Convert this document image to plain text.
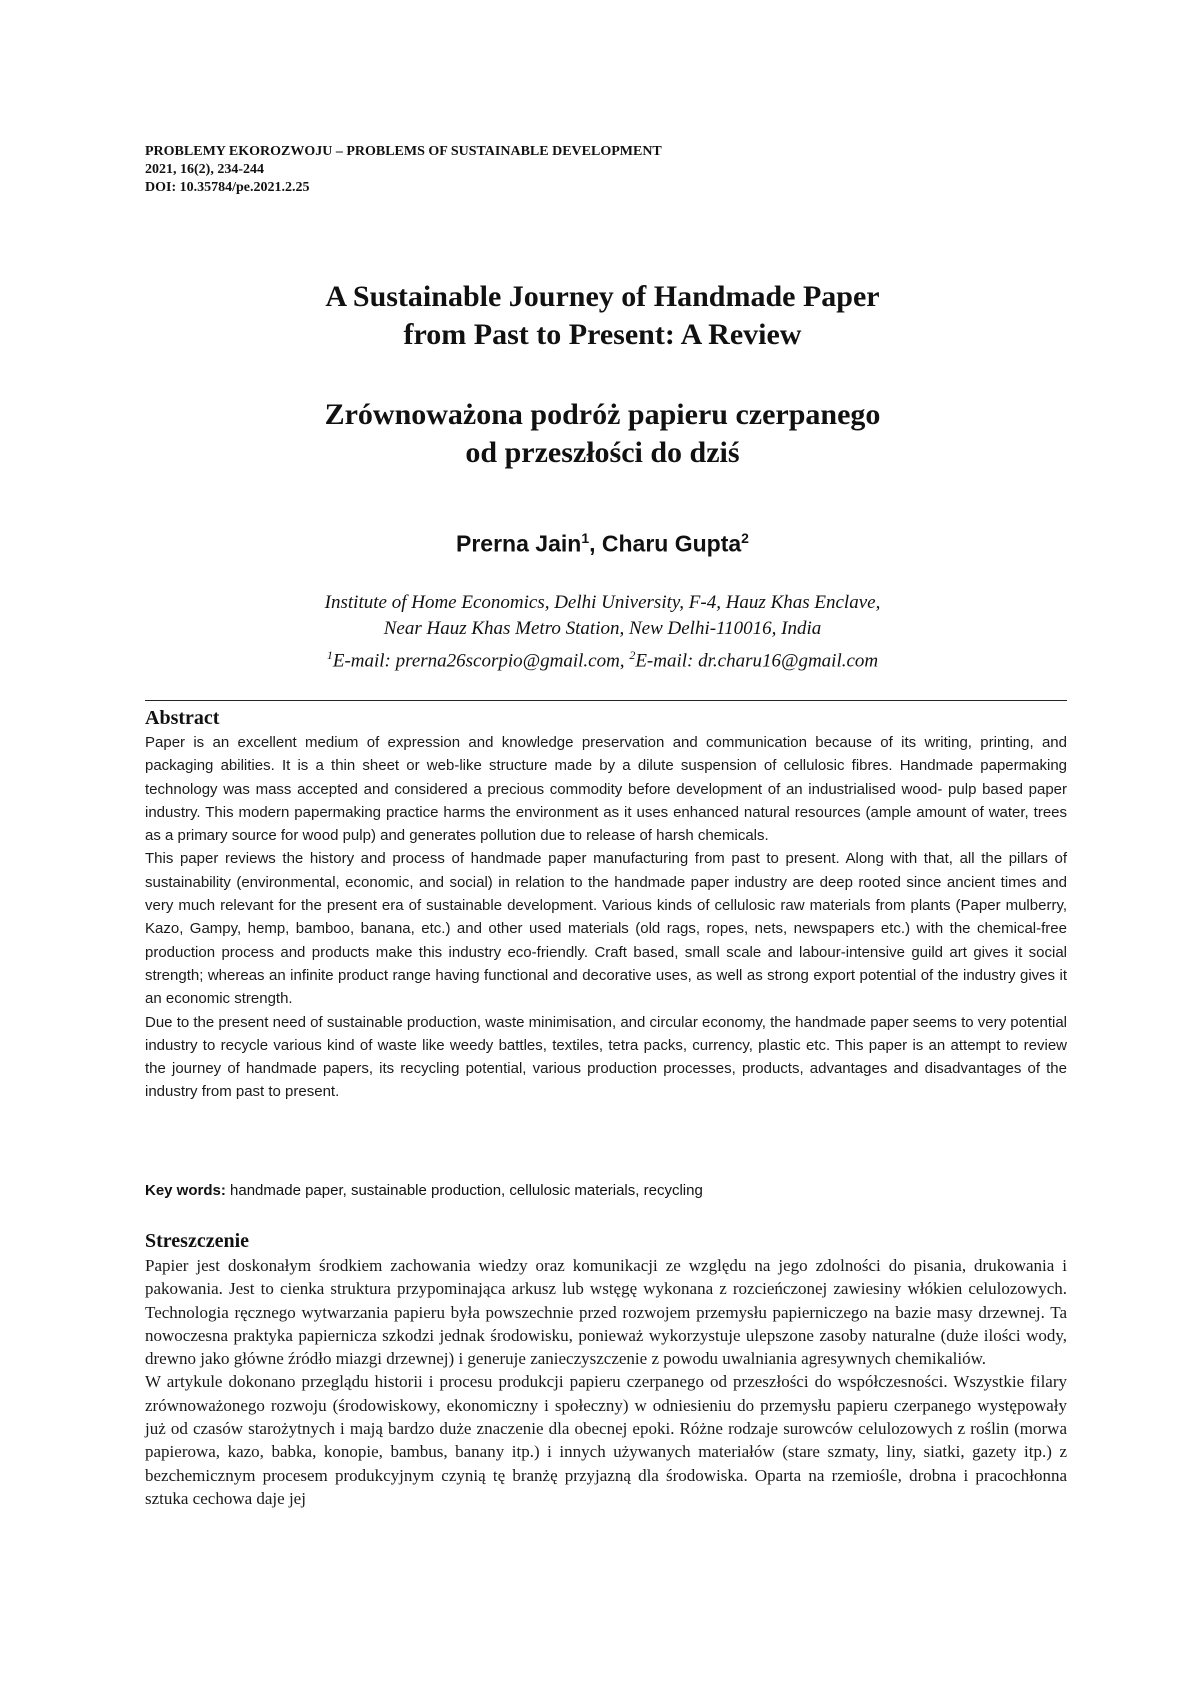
PROBLEMY EKOROZWOJU – PROBLEMS OF SUSTAINABLE DEVELOPMENT
2021, 16(2), 234-244
DOI: 10.35784/pe.2021.2.25
A Sustainable Journey of Handmade Paper
from Past to Present: A Review
Zrównoważona podróż papieru czerpanego
od przeszłości do dziś
Prerna Jain$^1$, Charu Gupta$^2$
Institute of Home Economics, Delhi University, F-4, Hauz Khas Enclave,
Near Hauz Khas Metro Station, New Delhi-110016, India
$^1$E-mail: prerna26scorpio@gmail.com, $^2$E-mail: dr.charu16@gmail.com
Abstract

Paper is an excellent medium of expression and knowledge preservation and communication because of its writing, printing, and packaging abilities. It is a thin sheet or web-like structure made by a dilute suspension of cellulosic fibres. Handmade papermaking technology was mass accepted and considered a precious commodity before development of an industrialised wood- pulp based paper industry. This modern papermaking practice harms the environment as it uses enhanced natural resources (ample amount of water, trees as a primary source for wood pulp) and generates pollution due to release of harsh chemicals.

This paper reviews the history and process of handmade paper manufacturing from past to present. Along with that, all the pillars of sustainability (environmental, economic, and social) in relation to the handmade paper industry are deep rooted since ancient times and very much relevant for the present era of sustainable development. Various kinds of cellulosic raw materials from plants (Paper mulberry, Kazo, Gampy, hemp, bamboo, banana, etc.) and other used materials (old rags, ropes, nets, newspapers etc.) with the chemical-free production process and products make this industry eco-friendly. Craft based, small scale and labour-intensive guild art gives it social strength; whereas an infinite product range having functional and decorative uses, as well as strong export potential of the industry gives it an economic strength.

Due to the present need of sustainable production, waste minimisation, and circular economy, the handmade paper seems to very potential industry to recycle various kind of waste like weedy battles, textiles, tetra packs, currency, plastic etc. This paper is an attempt to review the journey of handmade papers, its recycling potential, various production processes, products, advantages and disadvantages of the industry from past to present.

Key words: handmade paper, sustainable production, cellulosic materials, recycling
Streszczenie

Papier jest doskonałym środkiem zachowania wiedzy oraz komunikacji ze względu na jego zdolności do pisania, drukowania i pakowania. Jest to cienka struktura przypominająca arkusz lub wstęgę wykonana z rozcieńczonej zawiesiny włókien celulozowych. Technologia ręcznego wytwarzania papieru była powszechnie przed rozwojem przemysłu papierniczego na bazie masy drzewnej. Ta nowoczesna praktyka papiernicza szkodzi jednak środowisku, ponieważ wykorzystuje ulepszone zasoby naturalne (duże ilości wody, drewno jako główne źródło miazgi drzewnej) i generuje zanieczyszczenie z powodu uwalniania agresywnych chemikaliów.

W artykule dokonano przeglądu historii i procesu produkcji papieru czerpanego od przeszłości do współczesności. Wszystkie filary zrównoważonego rozwoju (środowiskowy, ekonomiczny i społeczny) w odniesieniu do przemysłu papieru czerpanego występowały już od czasów starożytnych i mają bardzo duże znaczenie dla obecnej epoki. Różne rodzaje surowców celulozowych z roślin (morwa papierowa, kazo, babka, konopie, bambus, banany itp.) i innych używanych materiałów (stare szmaty, liny, siatki, gazety itp.) z bezchemicznym procesem produkcyjnym czynią tę branżę przyjazną dla środowiska. Oparta na rzemiośle, drobna i pracochłonna sztuka cechowa daje jej
